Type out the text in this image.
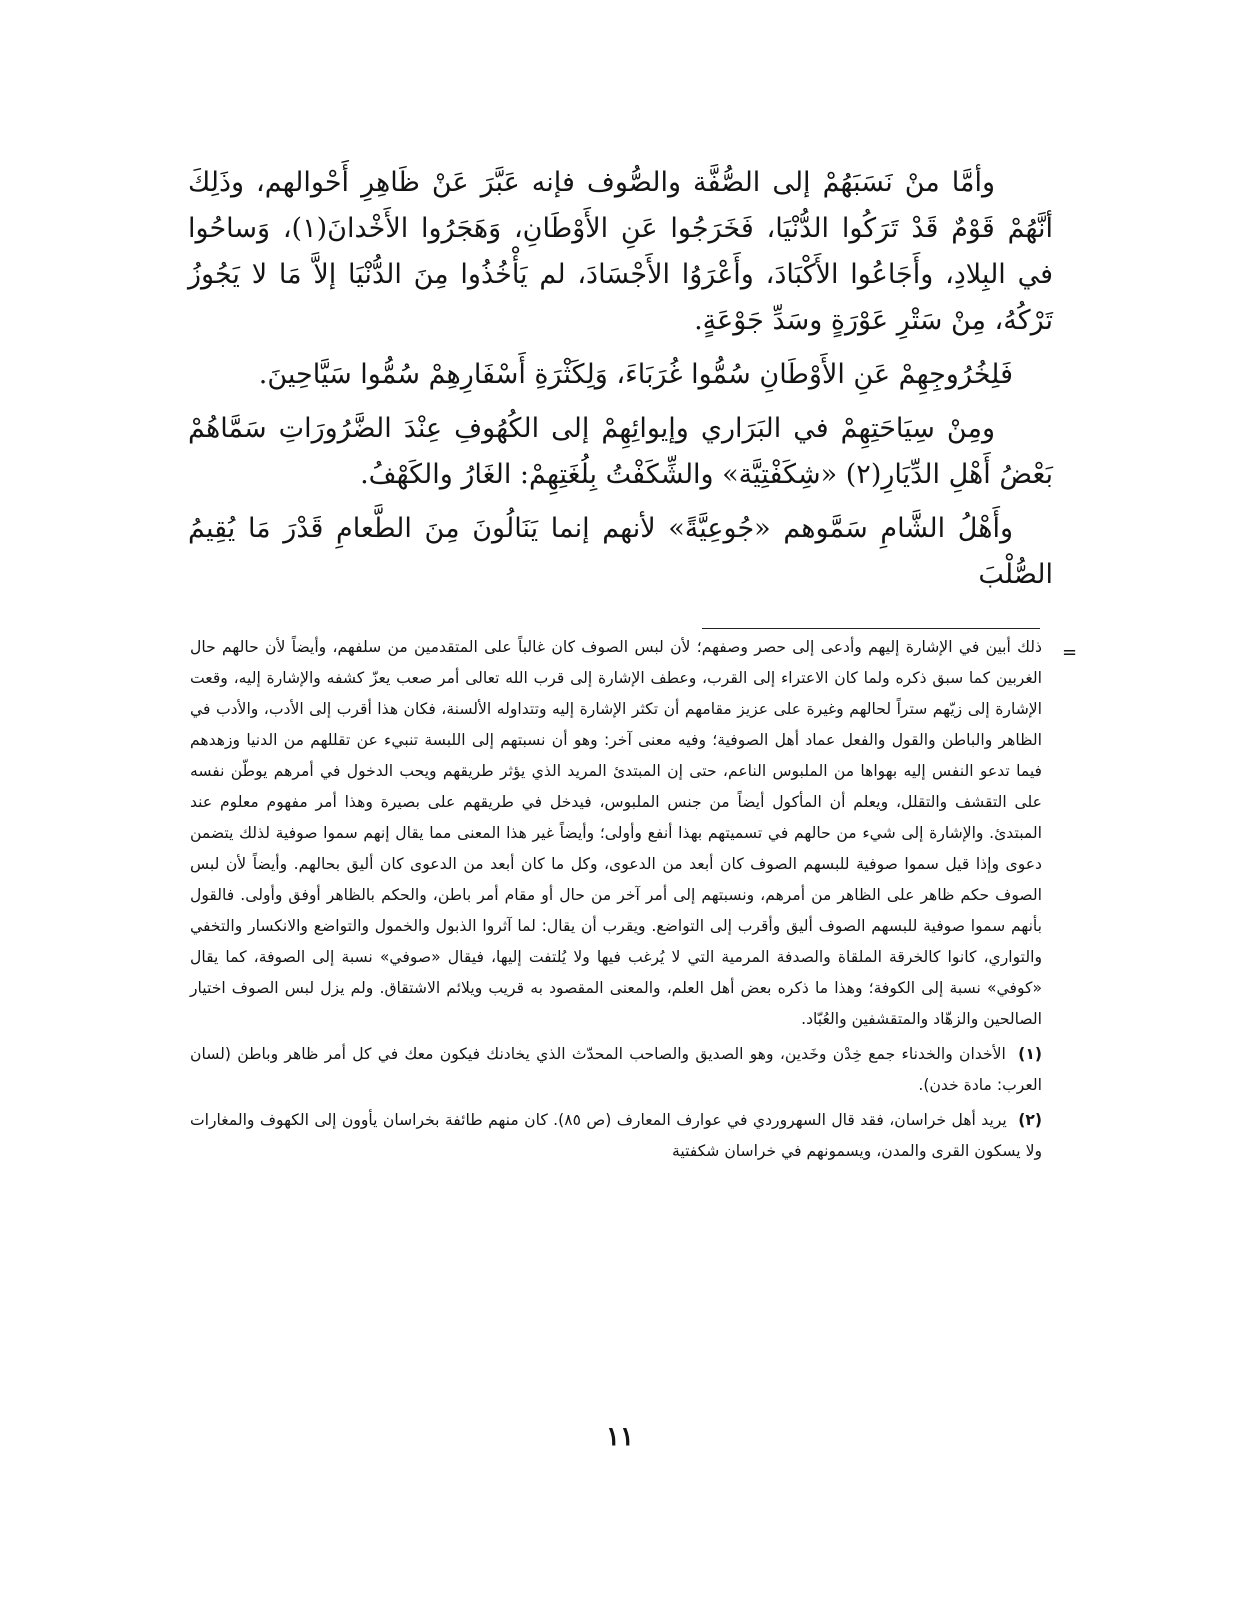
وأمَّا منْ نَسَبَهُمْ إلى الصُّفَّة والصُّوف فإنه عَبَّرَ عَنْ ظَاهِرِ أَحْوالهم، وذَلِكَ أنَّهُمْ قَوْمٌ قَدْ تَرَكُوا الدُّنْيَا، فَخَرَجُوا عَنِ الأَوْطَانِ، وَهَجَرُوا الأَخْدانَ(١)، وَساحُوا في البِلادِ، وأَجَاعُوا الأَكْبَادَ، وأَعْرَوُا الأَجْسَادَ، لم يَأْخُذُوا مِنَ الدُّنْيَا إلاَّ مَا لا يَجُوزُ تَرْكُهُ، مِنْ سَتْرِ عَوْرَةٍ وسَدِّ جَوْعَةٍ.

فَلِخُرُوجِهِمْ عَنِ الأَوْطَانِ سُمُّوا غُرَبَاءَ، وَلِكَثْرَةِ أَسْفَارِهِمْ سُمُّوا سَيَّاحِينَ.

ومِنْ سِيَاحَتِهِمْ في البَرَاري وإيوائِهِمْ إلى الكُهُوفِ عِنْدَ الضَّرُورَاتِ سَمَّاهُمْ بَعْضُ أَهْلِ الدِّيَارِ(٢) «شِكَفْتِيَّة» والشِّكَفْتُ بِلُغَتِهِمْ: الغَارُ والكَهْفُ.

وأَهْلُ الشَّامِ سَمَّوهم «جُوعِيَّةً» لأنهم إنما يَنَالُونَ مِنَ الطَّعامِ قَدْرَ مَا يُقِيمُ الصُّلْبَ

=

ذلك أبين في الإشارة إليهم وأدعى إلى حصر وصفهم؛ لأن لبس الصوف كان غالباً على المتقدمين من سلفهم، وأيضاً لأن حالهم حال الغربين كما سبق ذكره ولما كان الاعتراء إلى القرب، وعطف الإشارة إلى قرب الله تعالى أمر صعب يعزّ كشفه والإشارة إليه، وقعت الإشارة إلى زيّهم ستراً لحالهم وغيرة على عزيز مقامهم أن تكثر الإشارة إليه وتتداوله الألسنة، فكان هذا أقرب إلى الأدب، والأدب في الظاهر والباطن والقول والفعل عماد أهل الصوفية؛ وفيه معنى آخر: وهو أن نسبتهم إلى اللبسة تنبيء عن تقللهم من الدنيا وزهدهم فيما تدعو النفس إليه بهواها من الملبوس الناعم، حتى إن المبتدئ المريد الذي يؤثر طريقهم ويحب الدخول في أمرهم يوطّن نفسه على التقشف والتقلل، ويعلم أن المأكول أيضاً من جنس الملبوس، فيدخل في طريقهم على بصيرة وهذا أمر مفهوم معلوم عند المبتدئ. والإشارة إلى شيء من حالهم في تسميتهم بهذا أنفع وأولى؛ وأيضاً غير هذا المعنى مما يقال إنهم سموا صوفية لذلك يتضمن دعوى وإذا قيل سموا صوفية للبسهم الصوف كان أبعد من الدعوى، وكل ما كان أبعد من الدعوى كان أليق بحالهم. وأيضاً لأن لبس الصوف حكم ظاهر على الظاهر من أمرهم، ونسبتهم إلى أمر آخر من حال أو مقام أمر باطن، والحكم بالظاهر أوفق وأولى. فالقول بأنهم سموا صوفية للبسهم الصوف أليق وأقرب إلى التواضع. ويقرب أن يقال: لما آثروا الذبول والخمول والتواضع والانكسار والتخفي والتواري، كانوا كالخرقة الملقاة والصدفة المرمية التي لا يُرغب فيها ولا يُلتفت إليها، فيقال «صوفي» نسبة إلى الصوفة، كما يقال «كوفي» نسبة إلى الكوفة؛ وهذا ما ذكره بعض أهل العلم، والمعنى المقصود به قريب ويلائم الاشتقاق. ولم يزل لبس الصوف اختيار الصالحين والزهّاد والمتقشفين والعُبّاد.

(١) الأخدان والخدناء جمع خِدْن وخَدين، وهو الصديق والصاحب المحدّث الذي يخادنك فيكون معك في كل أمر ظاهر وباطن (لسان العرب: مادة خدن).

(٢) يريد أهل خراسان، فقد قال السهروردي في عوارف المعارف (ص ٨٥). كان منهم طائفة بخراسان يأوون إلى الكهوف والمغارات ولا يسكون القرى والمدن، ويسمونهم في خراسان شكفتية

١١
